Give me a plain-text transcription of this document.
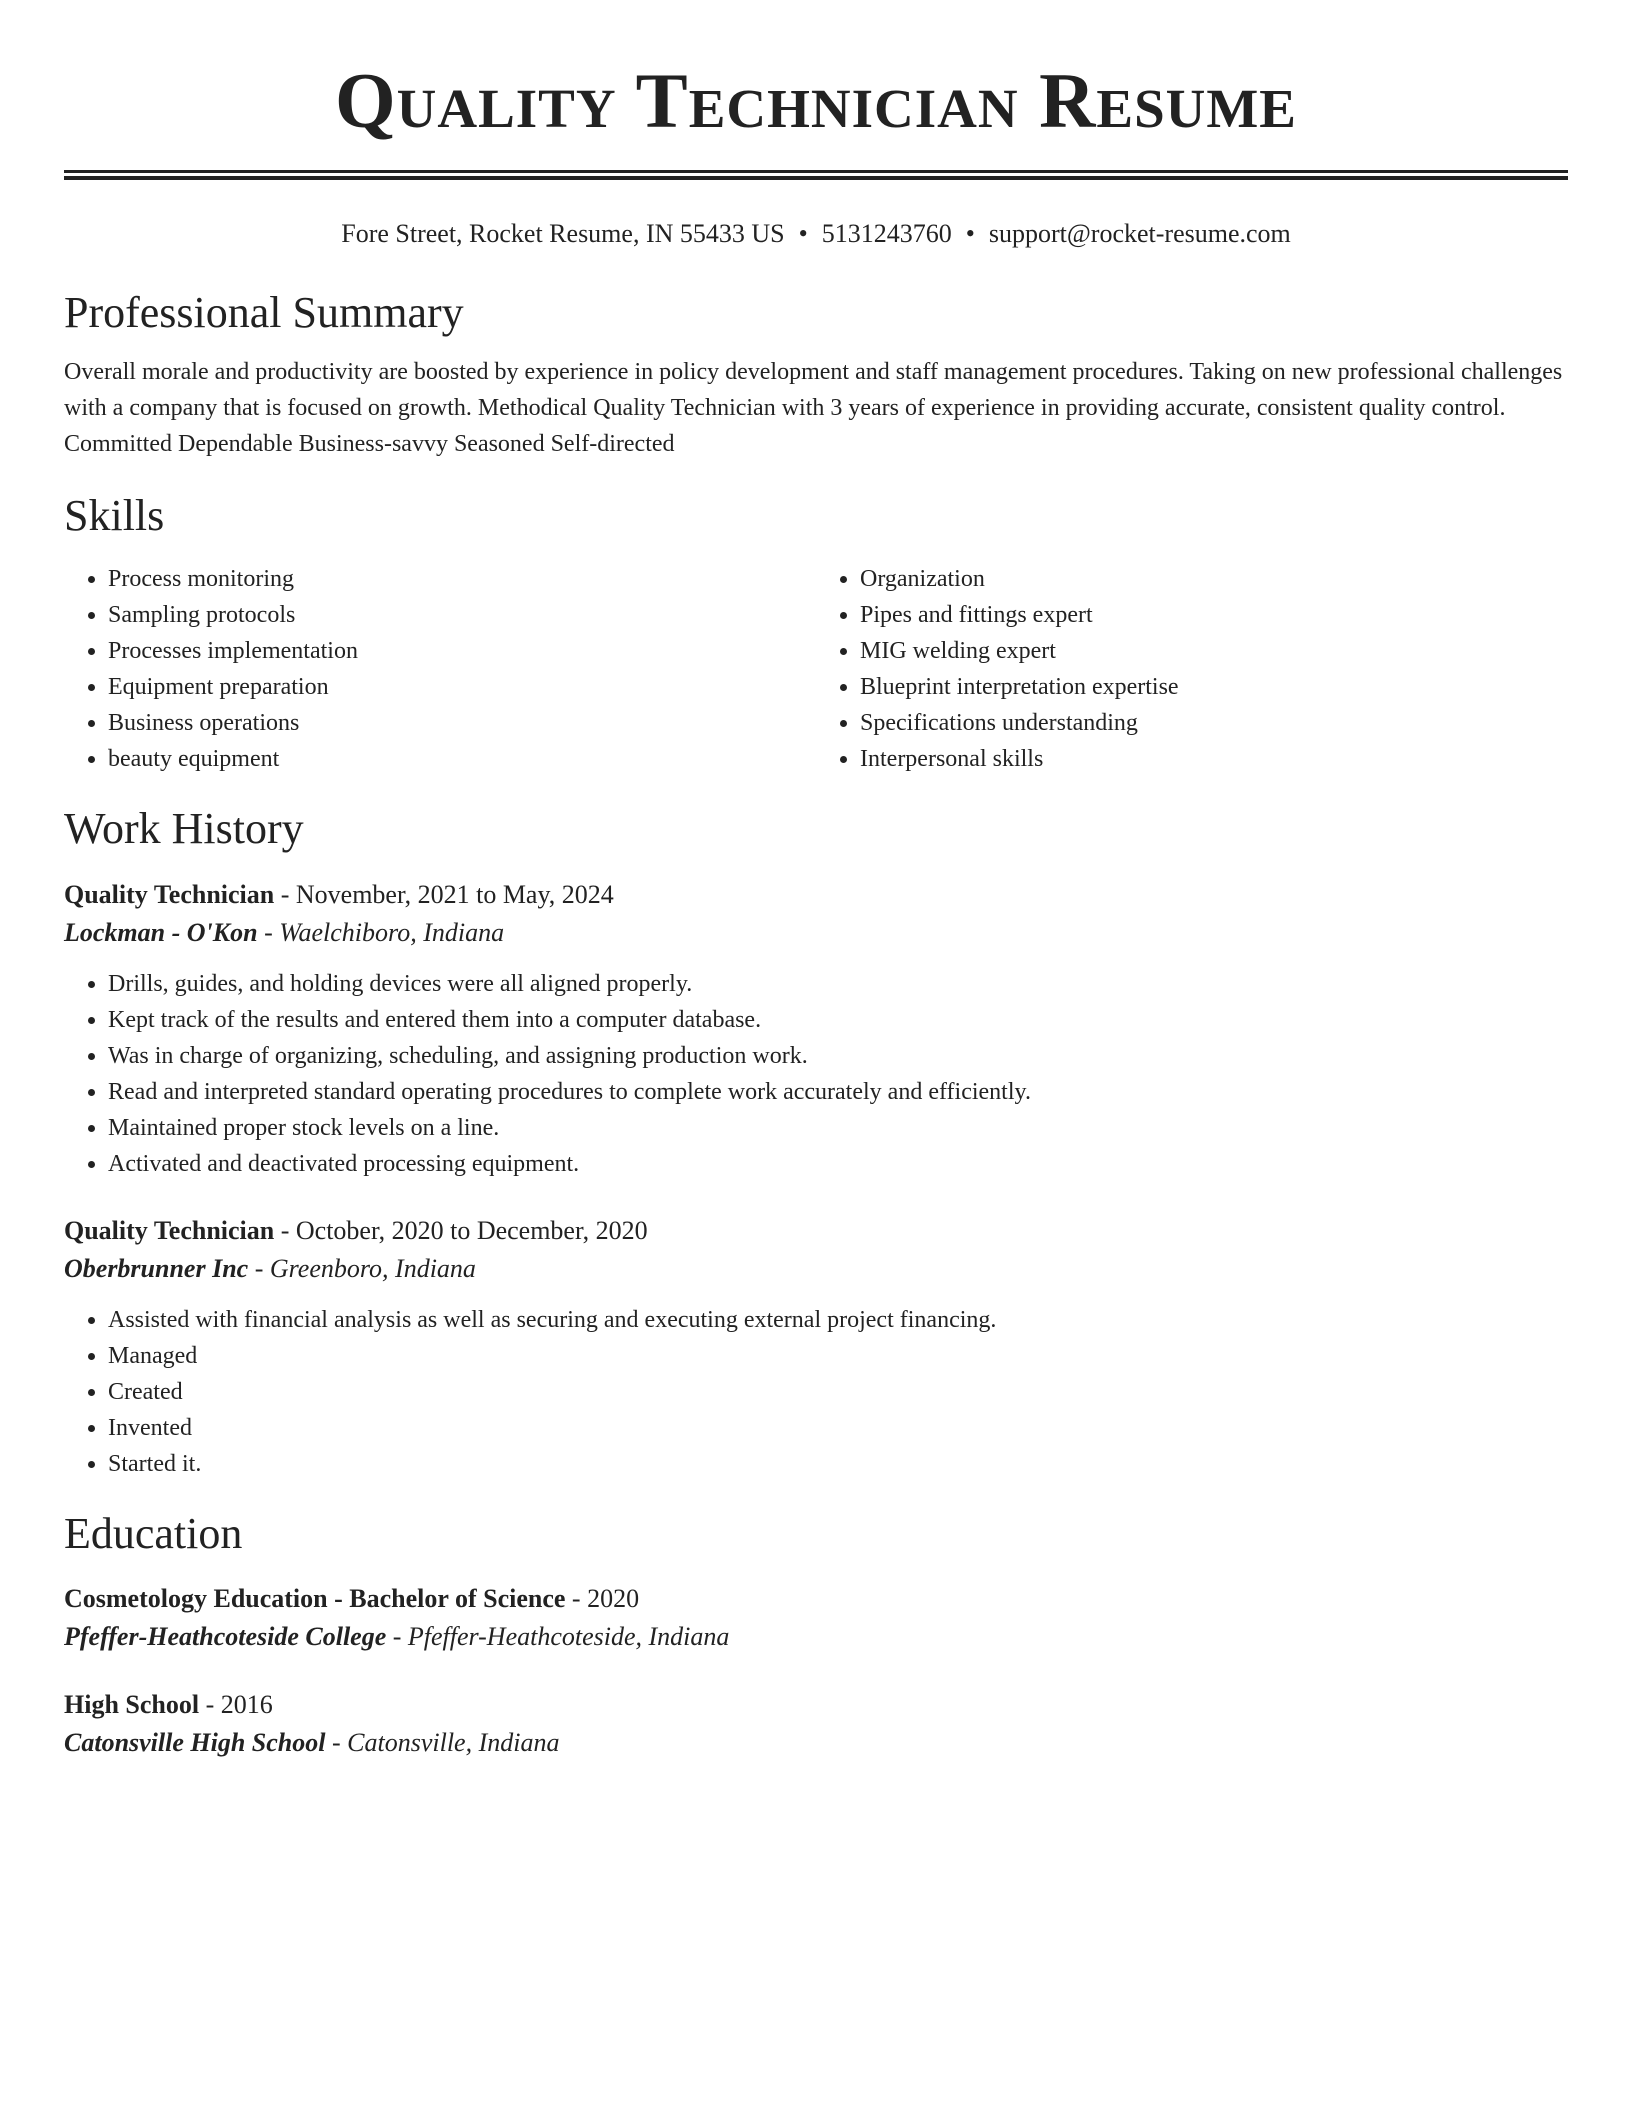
Quality Technician Resume
Fore Street, Rocket Resume, IN 55433 US • 5131243760 • support@rocket-resume.com
Professional Summary

Overall morale and productivity are boosted by experience in policy development and staff management procedures. Taking on new professional challenges with a company that is focused on growth. Methodical Quality Technician with 3 years of experience in providing accurate, consistent quality control. Committed Dependable Business-savvy Seasoned Self-directed

Skills
• Process monitoring
• Sampling protocols
• Processes implementation
• Equipment preparation
• Business operations
• beauty equipment
• Organization
• Pipes and fittings expert
• MIG welding expert
• Blueprint interpretation expertise
• Specifications understanding
• Interpersonal skills
Work History

Quality Technician - November, 2021 to May, 2024

Lockman - O'Kon - Waelchiboro, Indiana

• Drills, guides, and holding devices were all aligned properly.
• Kept track of the results and entered them into a computer database.
• Was in charge of organizing, scheduling, and assigning production work.
• Read and interpreted standard operating procedures to complete work accurately and efficiently.
• Maintained proper stock levels on a line.
• Activated and deactivated processing equipment.

Quality Technician - October, 2020 to December, 2020

Oberbrunner Inc - Greenboro, Indiana

• Assisted with financial analysis as well as securing and executing external project financing.
• Managed
• Created
• Invented
• Started it.
Education

Cosmetology Education - Bachelor of Science - 2020

Pfeffer-Heathcoteside College - Pfeffer-Heathcoteside, Indiana

High School - 2016

Catonsville High School - Catonsville, Indiana
